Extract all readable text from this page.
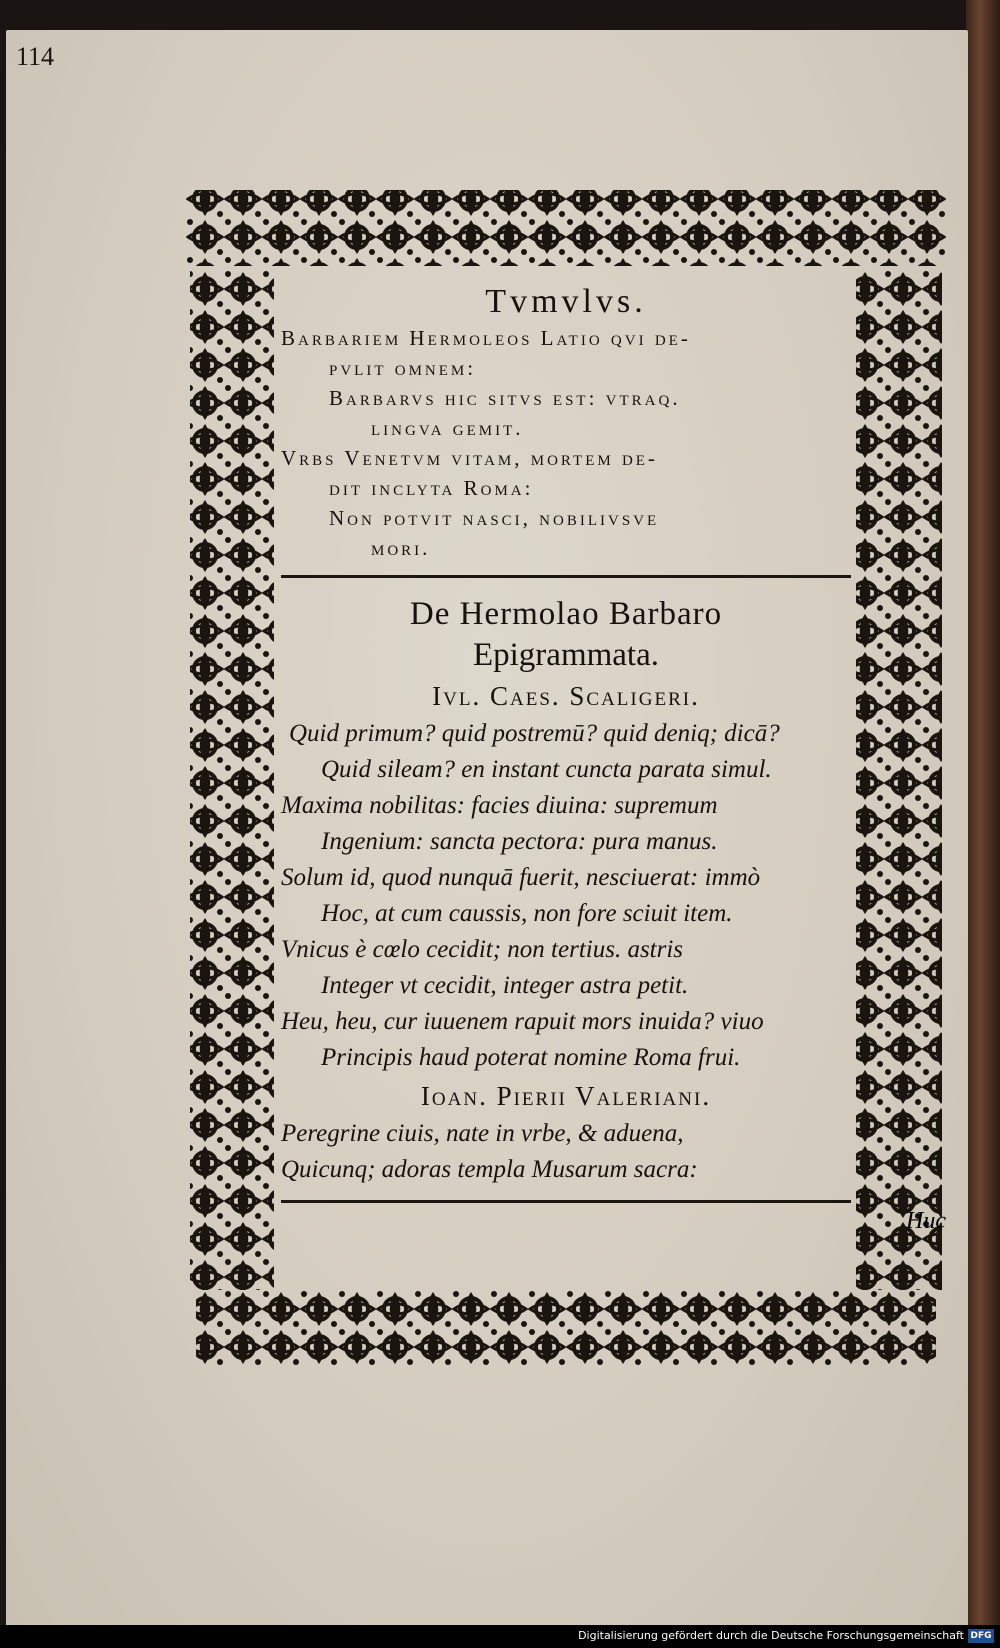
114
Tvmvlvs.
Barbariem Hermoleos Latio qvi de-
pvlit omnem:
Barbarvs hic sitvs est: vtraq.
lingva gemit.
Vrbs Venetvm vitam, mortem de-
dit inclyta Roma:
Non potvit nasci, nobilivsve
mori.
De Hermolao Barbaro
Epigrammata.
Ivl. Caes. Scaligeri.
Quid primum? quid postremū? quid deniq; dicā?
Quid sileam? en instant cuncta parata simul.
Maxima nobilitas: facies diuina: supremum
Ingenium: sancta pectora: pura manus.
Solum id, quod nunquā fuerit, nesciuerat: immò
Hoc, at cum caussis, non fore sciuit item.
Vnicus è cœlo cecidit; non tertius. astris
Integer vt cecidit, integer astra petit.
Heu, heu, cur iuuenem rapuit mors inuida? viuo
Principis haud poterat nomine Roma frui.
Ioan. Pierii Valeriani.
Peregrine ciuis, nate in vrbe, & aduena,
Quicunq; adoras templa Musarum sacra:
Huc
Digitalisierung gefördert durch die Deutsche Forschungsgemeinschaft DFG
